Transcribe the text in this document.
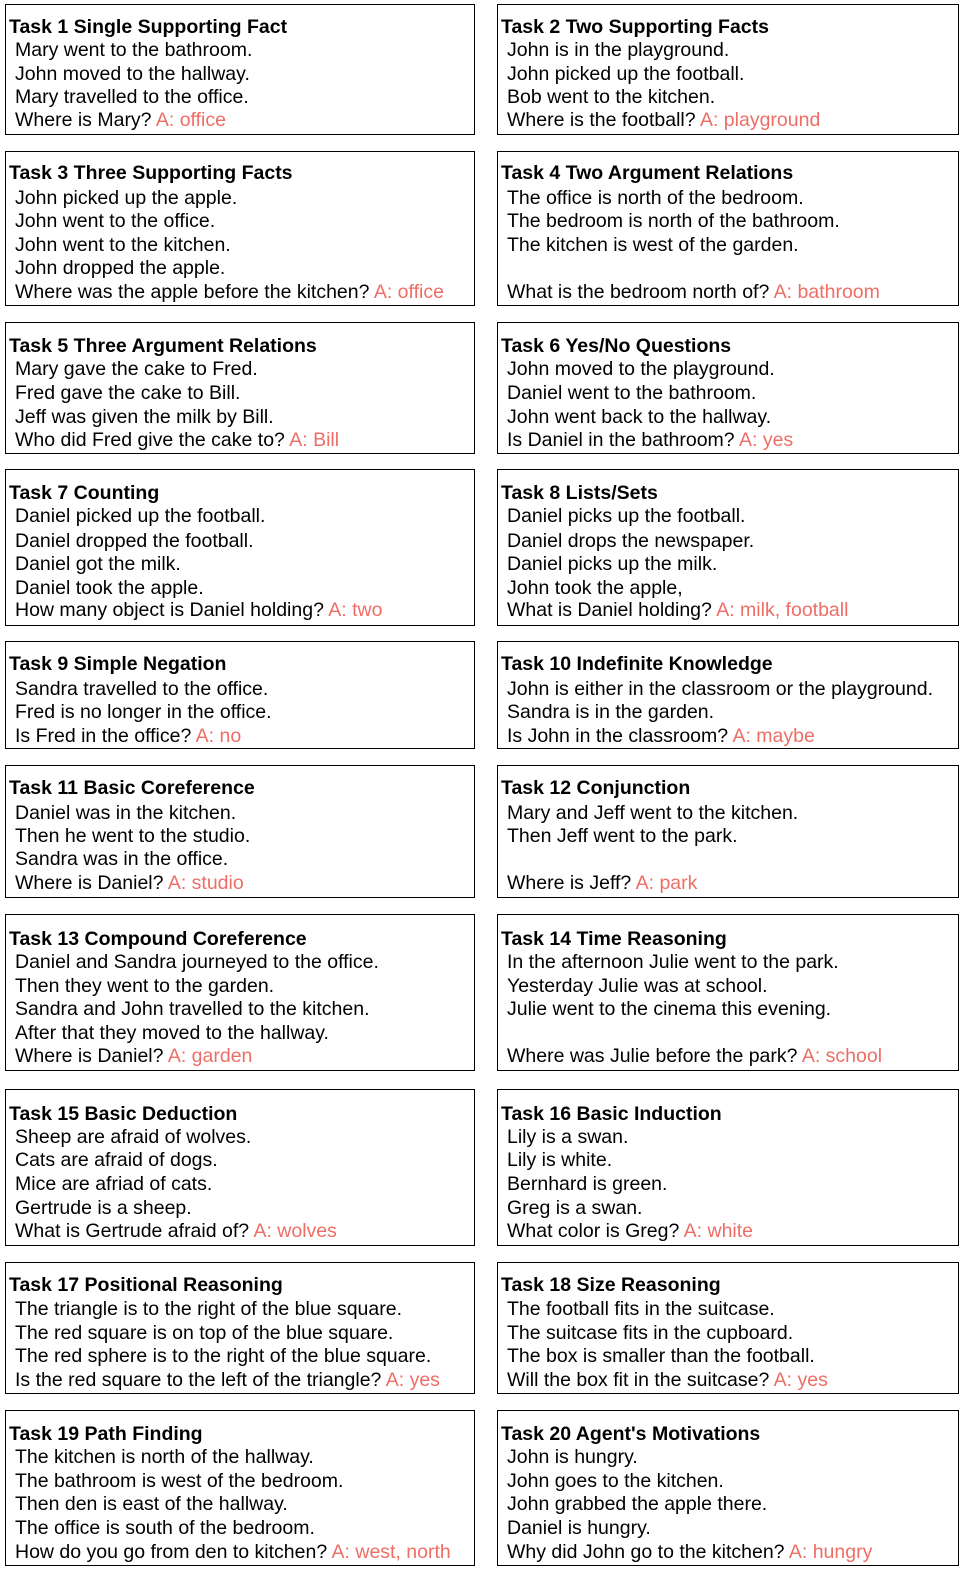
Task 1 Single Supporting Fact
Mary went to the bathroom.
John moved to the hallway.
Mary travelled to the office.
Where is Mary? A: office
Task 2 Two Supporting Facts
John is in the playground.
John picked up the football.
Bob went to the kitchen.
Where is the football? A: playground
Task 3 Three Supporting Facts
John picked up the apple.
John went to the office.
John went to the kitchen.
John dropped the apple.
Where was the apple before the kitchen? A: office
Task 4 Two Argument Relations
The office is north of the bedroom.
The bedroom is north of the bathroom.
The kitchen is west of the garden.
What is the bedroom north of? A: bathroom
Task 5 Three Argument Relations
Mary gave the cake to Fred.
Fred gave the cake to Bill.
Jeff was given the milk by Bill.
Who did Fred give the cake to? A: Bill
Task 6 Yes/No Questions
John moved to the playground.
Daniel went to the bathroom.
John went back to the hallway.
Is Daniel in the bathroom? A: yes
Task 7 Counting
Daniel picked up the football.
Daniel dropped the football.
Daniel got the milk.
Daniel took the apple.
How many object is Daniel holding? A: two
Task 8 Lists/Sets
Daniel picks up the football.
Daniel drops the newspaper.
Daniel picks up the milk.
John took the apple,
What is Daniel holding? A: milk, football
Task 9 Simple Negation
Sandra travelled to the office.
Fred is no longer in the office.
Is Fred in the office? A: no
Task 10 Indefinite Knowledge
John is either in the classroom or the playground.
Sandra is in the garden.
Is John in the classroom? A: maybe
Task 11 Basic Coreference
Daniel was in the kitchen.
Then he went to the studio.
Sandra was in the office.
Where is Daniel? A: studio
Task 12 Conjunction
Mary and Jeff went to the kitchen.
Then Jeff went to the park.
Where is Jeff? A: park
Task 13 Compound Coreference
Daniel and Sandra journeyed to the office.
Then they went to the garden.
Sandra and John travelled to the kitchen.
After that they moved to the hallway.
Where is Daniel? A: garden
Task 14 Time Reasoning
In the afternoon Julie went to the park.
Yesterday Julie was at school.
Julie went to the cinema this evening.
Where was Julie before the park? A: school
Task 15 Basic Deduction
Sheep are afraid of wolves.
Cats are afraid of dogs.
Mice are afriad of cats.
Gertrude is a sheep.
What is Gertrude afraid of? A: wolves
Task 16 Basic Induction
Lily is a swan.
Lily is white.
Bernhard is green.
Greg is a swan.
What color is Greg? A: white
Task 17 Positional Reasoning
The triangle is to the right of the blue square.
The red square is on top of the blue square.
The red sphere is to the right of the blue square.
Is the red square to the left of the triangle? A: yes
Task 18 Size Reasoning
The football fits in the suitcase.
The suitcase fits in the cupboard.
The box is smaller than the football.
Will the box fit in the suitcase? A: yes
Task 19 Path Finding
The kitchen is north of the hallway.
The bathroom is west of the bedroom.
Then den is east of the hallway.
The office is south of the bedroom.
How do you go from den to kitchen? A: west, north
Task 20 Agent's Motivations
John is hungry.
John goes to the kitchen.
John grabbed the apple there.
Daniel is hungry.
Why did John go to the kitchen? A: hungry
